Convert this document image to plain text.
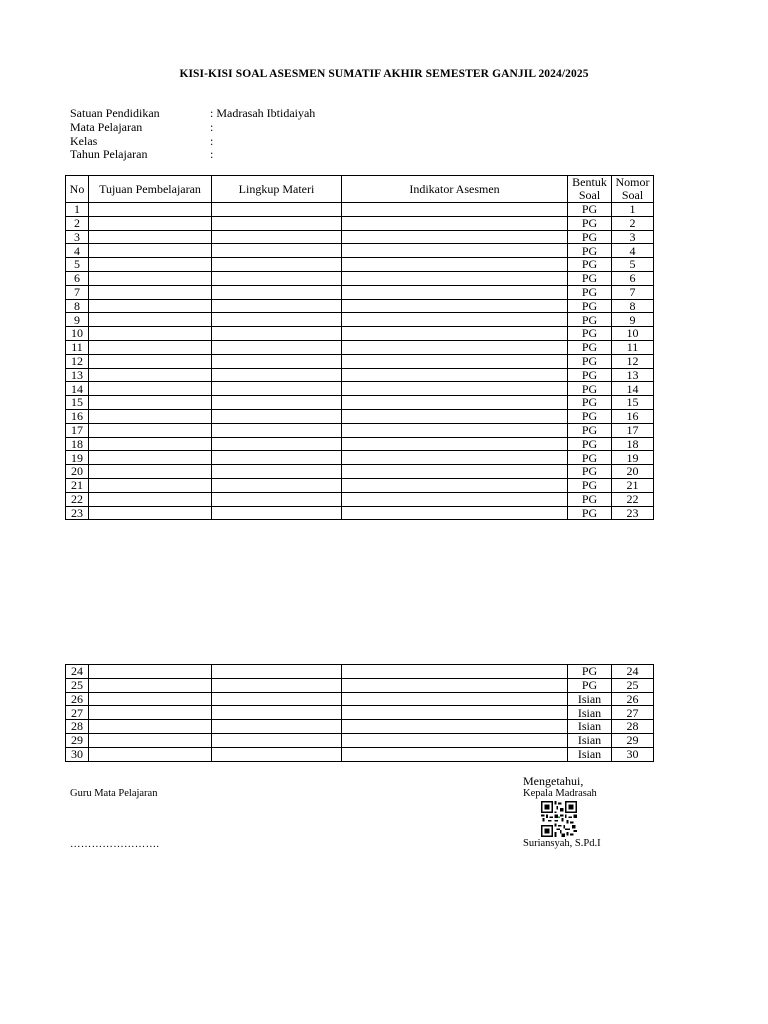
KISI-KISI SOAL ASESMEN SUMATIF AKHIR SEMESTER GANJIL 2024/2025
Satuan Pendidikan	: Madrasah Ibtidaiyah
Mata Pelajaran	:
Kelas	:
Tahun Pelajaran	:
No	Tujuan Pembelajaran	Lingkup Materi	Indikator Asesmen	Bentuk Soal	Nomor Soal
1				PG	1
2				PG	2
3				PG	3
4				PG	4
5				PG	5
6				PG	6
7				PG	7
8				PG	8
9				PG	9
10				PG	10
11				PG	11
12				PG	12
13				PG	13
14				PG	14
15				PG	15
16				PG	16
17				PG	17
18				PG	18
19				PG	19
20				PG	20
21				PG	21
22				PG	22
23				PG	23
24				PG	24
25				PG	25
26				Isian	26
27				Isian	27
28				Isian	28
29				Isian	29
30				Isian	30
Guru Mata Pelajaran
…………………….
Mengetahui,
Kepala Madrasah
Suriansyah, S.Pd.I
